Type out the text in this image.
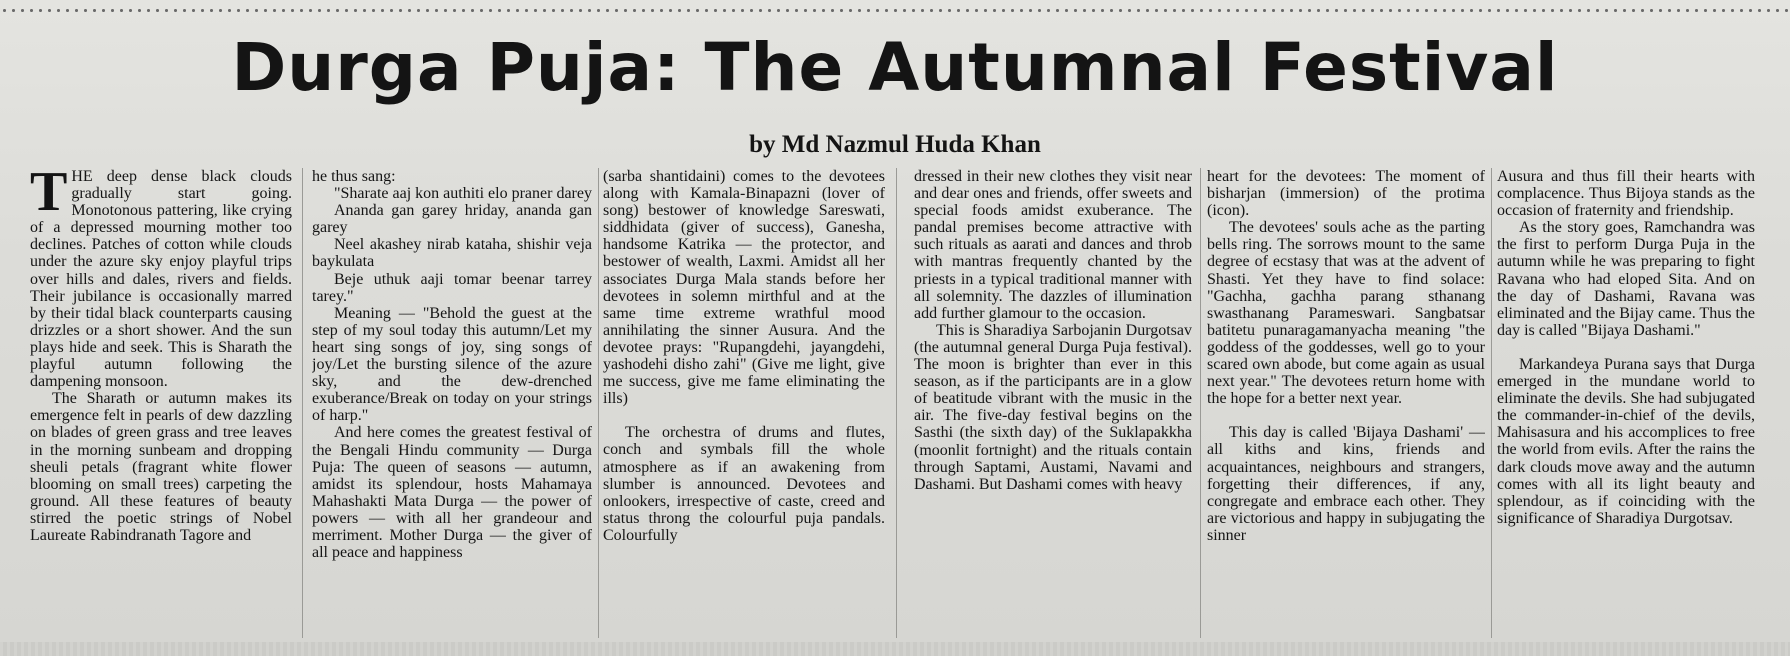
Durga Puja: The Autumnal Festival
by Md Nazmul Huda Khan

THE deep dense black clouds gradually start going. Monotonous pattering, like crying of a depressed mourning mother too declines. Patches of cotton while clouds under the azure sky enjoy playful trips over hills and dales, rivers and fields. Their jubilance is occasionally marred by their tidal black counterparts causing drizzles or a short shower. And the sun plays hide and seek. This is Sharath the playful autumn following the dampening monsoon.

The Sharath or autumn makes its emergence felt in pearls of dew dazzling on blades of green grass and tree leaves in the morning sunbeam and dropping sheuli petals (fragrant white flower blooming on small trees) carpeting the ground. All these features of beauty stirred the poetic strings of Nobel Laureate Rabindranath Tagore and

he thus sang:

"Sharate aaj kon authiti elo praner darey

Ananda gan garey hriday, ananda gan garey

Neel akashey nirab kataha, shishir veja baykulata

Beje uthuk aaji tomar beenar tarrey tarey."

Meaning — "Behold the guest at the step of my soul today this autumn/Let my heart sing songs of joy, sing songs of joy/Let the bursting silence of the azure sky, and the dew-drenched exuberance/Break on today on your strings of harp."

And here comes the greatest festival of the Bengali Hindu community — Durga Puja: The queen of seasons — autumn, amidst its splendour, hosts Mahamaya Mahashakti Mata Durga — the power of powers — with all her grandeour and merriment. Mother Durga — the giver of all peace and happiness

(sarba shantidaini) comes to the devotees along with Kamala-Binapazni (lover of song) bestower of knowledge Sareswati, siddhidata (giver of success), Ganesha, handsome Katrika — the protector, and bestower of wealth, Laxmi. Amidst all her associates Durga Mala stands before her devotees in solemn mirthful and at the same time extreme wrathful mood annihilating the sinner Ausura. And the devotee prays: "Rupangdehi, jayangdehi, yashodehi disho zahi" (Give me light, give me success, give me fame eliminating the ills)

The orchestra of drums and flutes, conch and symbals fill the whole atmosphere as if an awakening from slumber is announced. Devotees and onlookers, irrespective of caste, creed and status throng the colourful puja pandals. Colourfully

dressed in their new clothes they visit near and dear ones and friends, offer sweets and special foods amidst exuberance. The pandal premises become attractive with such rituals as aarati and dances and throb with mantras frequently chanted by the priests in a typical traditional manner with all solemnity. The dazzles of illumination add further glamour to the occasion.

This is Sharadiya Sarbojanin Durgotsav (the autumnal general Durga Puja festival). The moon is brighter than ever in this season, as if the participants are in a glow of beatitude vibrant with the music in the air. The five-day festival begins on the Sasthi (the sixth day) of the Suklapakkha (moonlit fortnight) and the rituals contain through Saptami, Austami, Navami and Dashami. But Dashami comes with heavy

heart for the devotees: The moment of bisharjan (immersion) of the protima (icon).

The devotees' souls ache as the parting bells ring. The sorrows mount to the same degree of ecstasy that was at the advent of Shasti. Yet they have to find solace: "Gachha, gachha parang sthanang swasthanang Parameswari. Sangbatsar batitetu punaragamanyacha meaning "the goddess of the goddesses, well go to your scared own abode, but come again as usual next year." The devotees return home with the hope for a better next year.

This day is called 'Bijaya Dashami' — all kiths and kins, friends and acquaintances, neighbours and strangers, forgetting their differences, if any, congregate and embrace each other. They are victorious and happy in subjugating the sinner

Ausura and thus fill their hearts with complacence. Thus Bijoya stands as the occasion of fraternity and friendship.

As the story goes, Ramchandra was the first to perform Durga Puja in the autumn while he was preparing to fight Ravana who had eloped Sita. And on the day of Dashami, Ravana was eliminated and the Bijay came. Thus the day is called "Bijaya Dashami."

Markandeya Purana says that Durga emerged in the mundane world to eliminate the devils. She had subjugated the commander-in-chief of the devils, Mahisasura and his accomplices to free the world from evils. After the rains the dark clouds move away and the autumn comes with all its light beauty and splendour, as if coinciding with the significance of Sharadiya Durgotsav.
